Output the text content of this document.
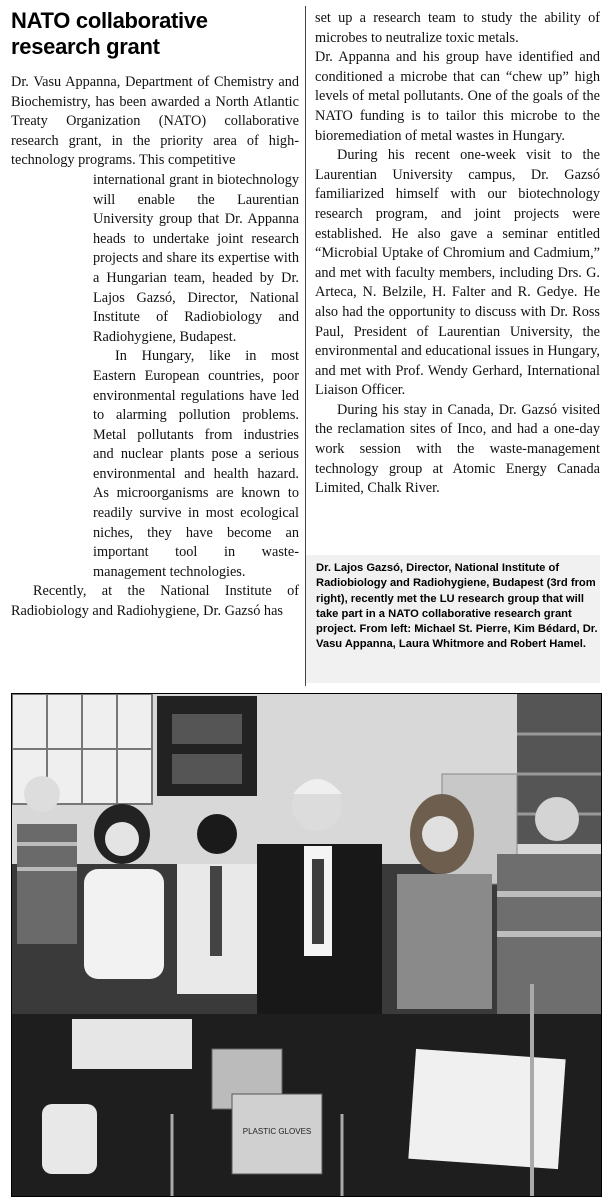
NATO collaborative research grant

Dr. Vasu Appanna, Department of Chemistry and Biochemistry, has been awarded a North Atlantic Treaty Organization (NATO) collaborative research grant, in the priority area of high-technology programs. This competitive

international grant in biotechnology will enable the Laurentian University group that Dr. Appanna heads to undertake joint research projects and share its expertise with a Hungarian team, headed by Dr. Lajos Gazsó, Director, National Institute of Radiobiology and Radiohygiene, Budapest.

In Hungary, like in most Eastern European countries, poor environmental regulations have led to alarming pollution problems. Metal pollutants from industries and nuclear plants pose a serious environmental and health hazard. As microorganisms are known to readily survive in most ecological niches, they have become an important tool in waste-management technologies.

Recently, at the National Institute of Radiobiology and Radiohygiene, Dr. Gazsó has

set up a research team to study the ability of microbes to neutralize toxic metals.

Dr. Appanna and his group have identified and conditioned a microbe that can “chew up” high levels of metal pollutants. One of the goals of the NATO funding is to tailor this microbe to the bioremediation of metal wastes in Hungary.

During his recent one-week visit to the Laurentian University campus, Dr. Gazsó familiarized himself with our biotechnology research program, and joint projects were established. He also gave a seminar entitled “Microbial Uptake of Chromium and Cadmium,” and met with faculty members, including Drs. G. Arteca, N. Belzile, H. Falter and R. Gedye. He also had the opportunity to discuss with Dr. Ross Paul, President of Laurentian University, the environmental and educational issues in Hungary, and met with Prof. Wendy Gerhard, International Liaison Officer.

During his stay in Canada, Dr. Gazsó visited the reclamation sites of Inco, and had a one-day work session with the waste-management technology group at Atomic Energy Canada Limited, Chalk River.

Dr. Lajos Gazsó, Director, National Institute of Radiobiology and Radiohygiene, Budapest (3rd from right), recently met the LU research group that will take part in a NATO collaborative research grant project. From left: Michael St. Pierre, Kim Bédard, Dr. Vasu Appanna, Laura Whitmore and Robert Hamel.

PLASTIC GLOVES
